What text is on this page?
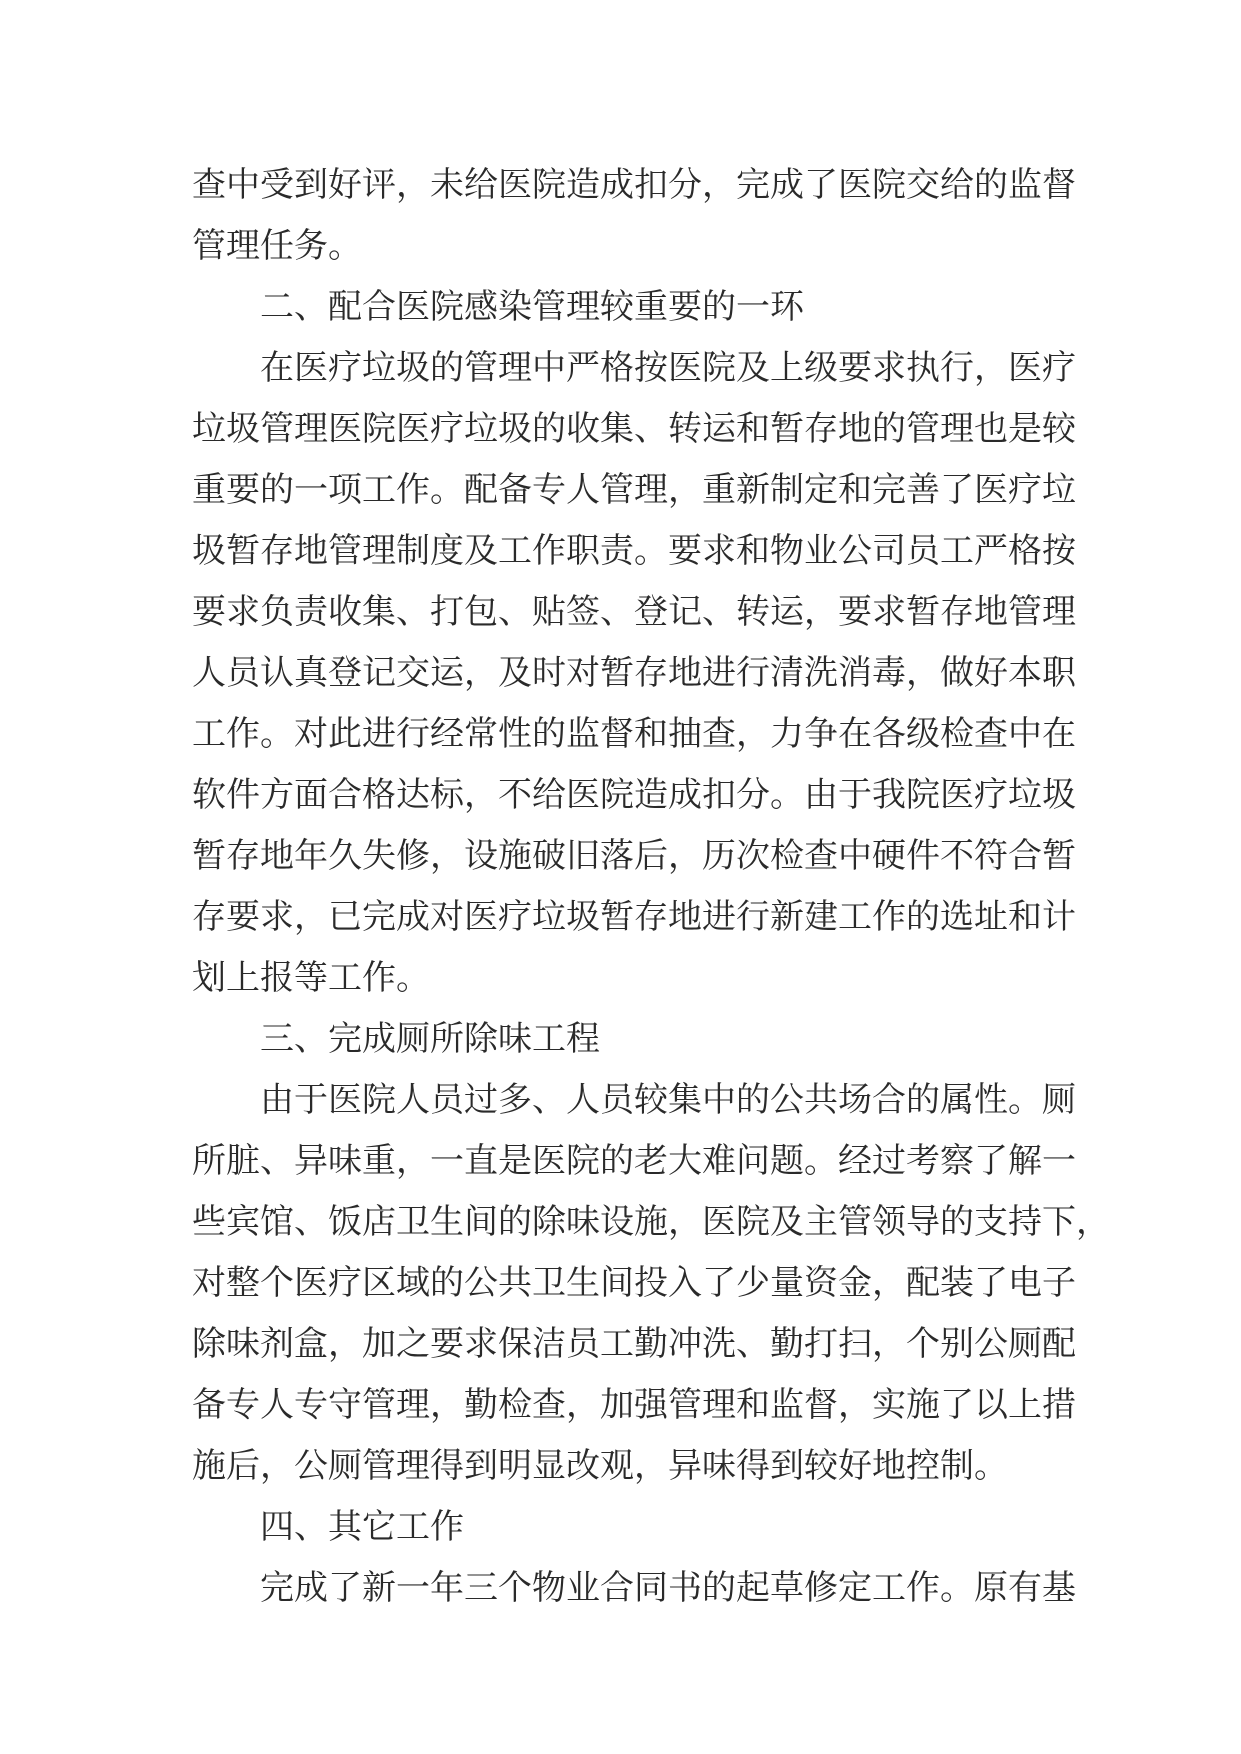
查中受到好评，未给医院造成扣分，完成了医院交给的监督
管理任务。
二、配合医院感染管理较重要的一环
在医疗垃圾的管理中严格按医院及上级要求执行，医疗
垃圾管理医院医疗垃圾的收集、转运和暂存地的管理也是较
重要的一项工作。配备专人管理，重新制定和完善了医疗垃
圾暂存地管理制度及工作职责。要求和物业公司员工严格按
要求负责收集、打包、贴签、登记、转运，要求暂存地管理
人员认真登记交运，及时对暂存地进行清洗消毒，做好本职
工作。对此进行经常性的监督和抽查，力争在各级检查中在
软件方面合格达标，不给医院造成扣分。由于我院医疗垃圾
暂存地年久失修，设施破旧落后，历次检查中硬件不符合暂
存要求，已完成对医疗垃圾暂存地进行新建工作的选址和计
划上报等工作。
三、完成厕所除味工程
由于医院人员过多、人员较集中的公共场合的属性。厕
所脏、异味重，一直是医院的老大难问题。经过考察了解一
些宾馆、饭店卫生间的除味设施，医院及主管领导的支持下，
对整个医疗区域的公共卫生间投入了少量资金，配装了电子
除味剂盒，加之要求保洁员工勤冲洗、勤打扫，个别公厕配
备专人专守管理，勤检查，加强管理和监督，实施了以上措
施后，公厕管理得到明显改观，异味得到较好地控制。
四、其它工作
完成了新一年三个物业合同书的起草修定工作。原有基
